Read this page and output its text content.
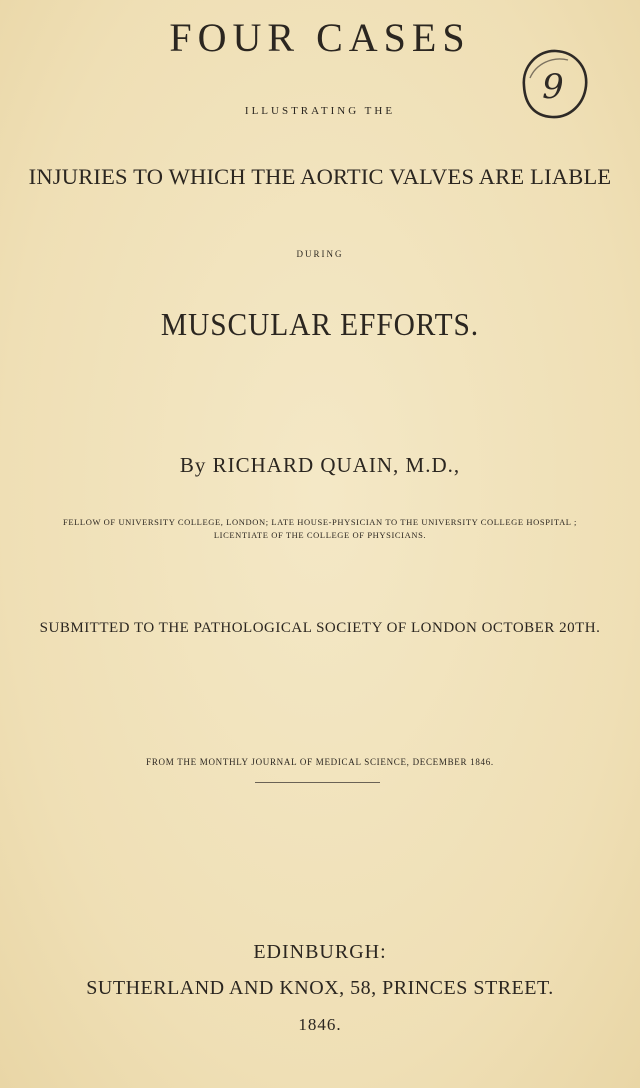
FOUR CASES
9
ILLUSTRATING THE
INJURIES TO WHICH THE AORTIC VALVES ARE LIABLE
DURING
MUSCULAR EFFORTS.
By RICHARD QUAIN, M.D.,
FELLOW OF UNIVERSITY COLLEGE, LONDON; LATE HOUSE-PHYSICIAN TO THE UNIVERSITY COLLEGE HOSPITAL ;
LICENTIATE OF THE COLLEGE OF PHYSICIANS.
SUBMITTED TO THE PATHOLOGICAL SOCIETY OF LONDON OCTOBER 20TH.
FROM THE MONTHLY JOURNAL OF MEDICAL SCIENCE, DECEMBER 1846.
EDINBURGH:
SUTHERLAND AND KNOX, 58, PRINCES STREET.
1846.
